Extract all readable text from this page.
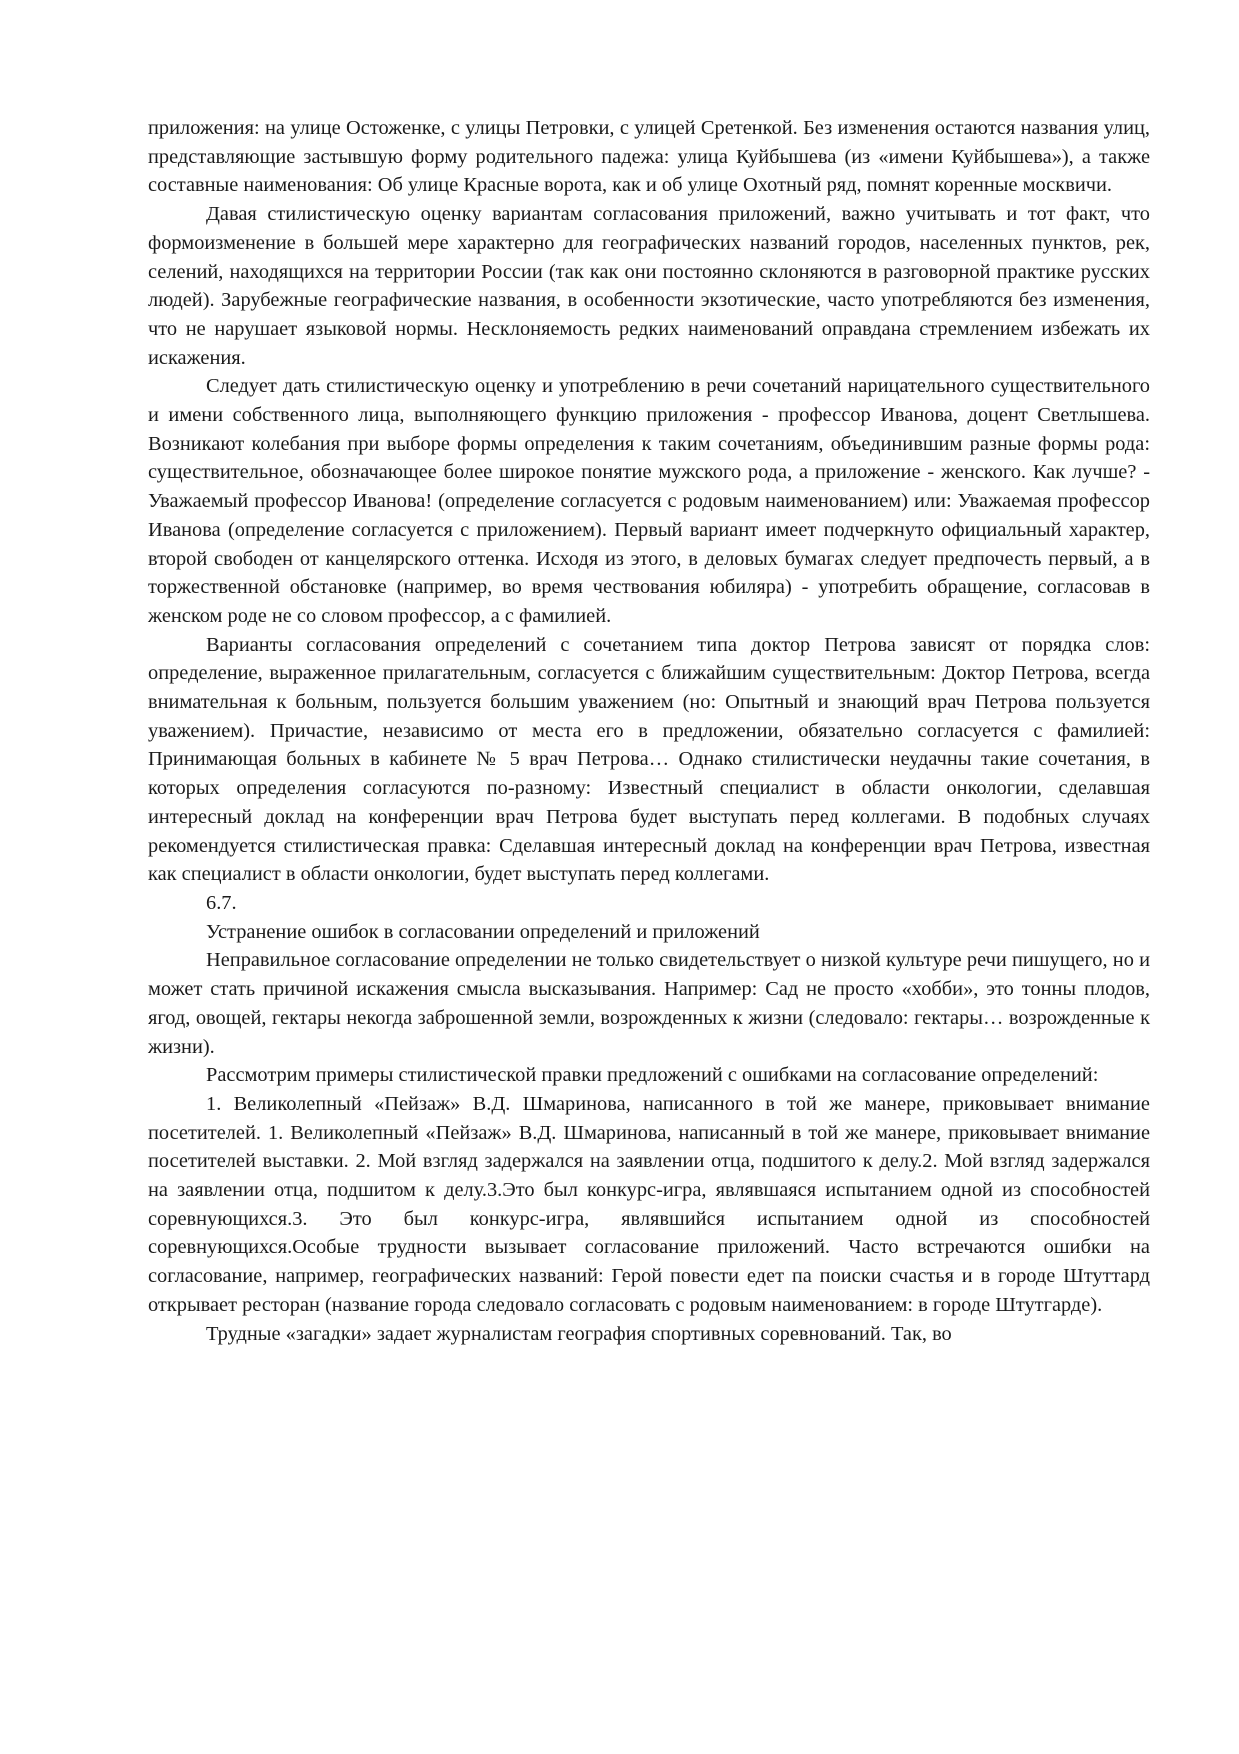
приложения: на улице Остоженке, с улицы Петровки, с улицей Сретенкой. Без изменения остаются названия улиц, представляющие застывшую форму родительного падежа: улица Куйбышева (из «имени Куйбышева»), а также составные наименования: Об улице Красные ворота, как и об улице Охотный ряд, помнят коренные москвичи.

Давая стилистическую оценку вариантам согласования приложений, важно учитывать и тот факт, что формоизменение в большей мере характерно для географических названий городов, населенных пунктов, рек, селений, находящихся на территории России (так как они постоянно склоняются в разговорной практике русских людей). Зарубежные географические названия, в особенности экзотические, часто употребляются без изменения, что не нарушает языковой нормы. Несклоняемость редких наименований оправдана стремлением избежать их искажения.

Следует дать стилистическую оценку и употреблению в речи сочетаний нарицательного существительного и имени собственного лица, выполняющего функцию приложения - профессор Иванова, доцент Светлышева. Возникают колебания при выборе формы определения к таким сочетаниям, объединившим разные формы рода: существительное, обозначающее более широкое понятие мужского рода, а приложение - женского. Как лучше? - Уважаемый профессор Иванова! (определение согласуется с родовым наименованием) или: Уважаемая профессор Иванова (определение согласуется с приложением). Первый вариант имеет подчеркнуто официальный характер, второй свободен от канцелярского оттенка. Исходя из этого, в деловых бумагах следует предпочесть первый, а в торжественной обстановке (например, во время чествования юбиляра) - употребить обращение, согласовав в женском роде не со словом профессор, а с фамилией.

Варианты согласования определений с сочетанием типа доктор Петрова зависят от порядка слов: определение, выраженное прилагательным, согласуется с ближайшим существительным: Доктор Петрова, всегда внимательная к больным, пользуется большим уважением (но: Опытный и знающий врач Петрова пользуется уважением). Причастие, независимо от места его в предложении, обязательно согласуется с фамилией: Принимающая больных в кабинете № 5 врач Петрова… Однако стилистически неудачны такие сочетания, в которых определения согласуются по-разному: Известный специалист в области онкологии, сделавшая интересный доклад на конференции врач Петрова будет выступать перед коллегами. В подобных случаях рекомендуется стилистическая правка: Сделавшая интересный доклад на конференции врач Петрова, известная как специалист в области онкологии, будет выступать перед коллегами.

6.7.

Устранение ошибок в согласовании определений и приложений

Неправильное согласование определении не только свидетельствует о низкой культуре речи пишущего, но и может стать причиной искажения смысла высказывания. Например: Сад не просто «хобби», это тонны плодов, ягод, овощей, гектары некогда заброшенной земли, возрожденных к жизни (следовало: гектары… возрожденные к жизни).

Рассмотрим примеры стилистической правки предложений с ошибками на согласование определений:

1. Великолепный «Пейзаж» В.Д. Шмаринова, написанного в той же манере, приковывает внимание посетителей. 1. Великолепный «Пейзаж» В.Д. Шмаринова, написанный в той же манере, приковывает внимание посетителей выставки. 2. Мой взгляд задержался на заявлении отца, подшитого к делу.2. Мой взгляд задержался на заявлении отца, подшитом к делу.3.Это был конкурс-игра, являвшаяся испытанием одной из способностей соревнующихся.3. Это был конкурс-игра, являвшийся испытанием одной из способностей соревнующихся.Особые трудности вызывает согласование приложений. Часто встречаются ошибки на согласование, например, географических названий: Герой повести едет па поиски счастья и в городе Штуттард открывает ресторан (название города следовало согласовать с родовым наименованием: в городе Штутгарде).

Трудные «загадки» задает журналистам география спортивных соревнований. Так, во
